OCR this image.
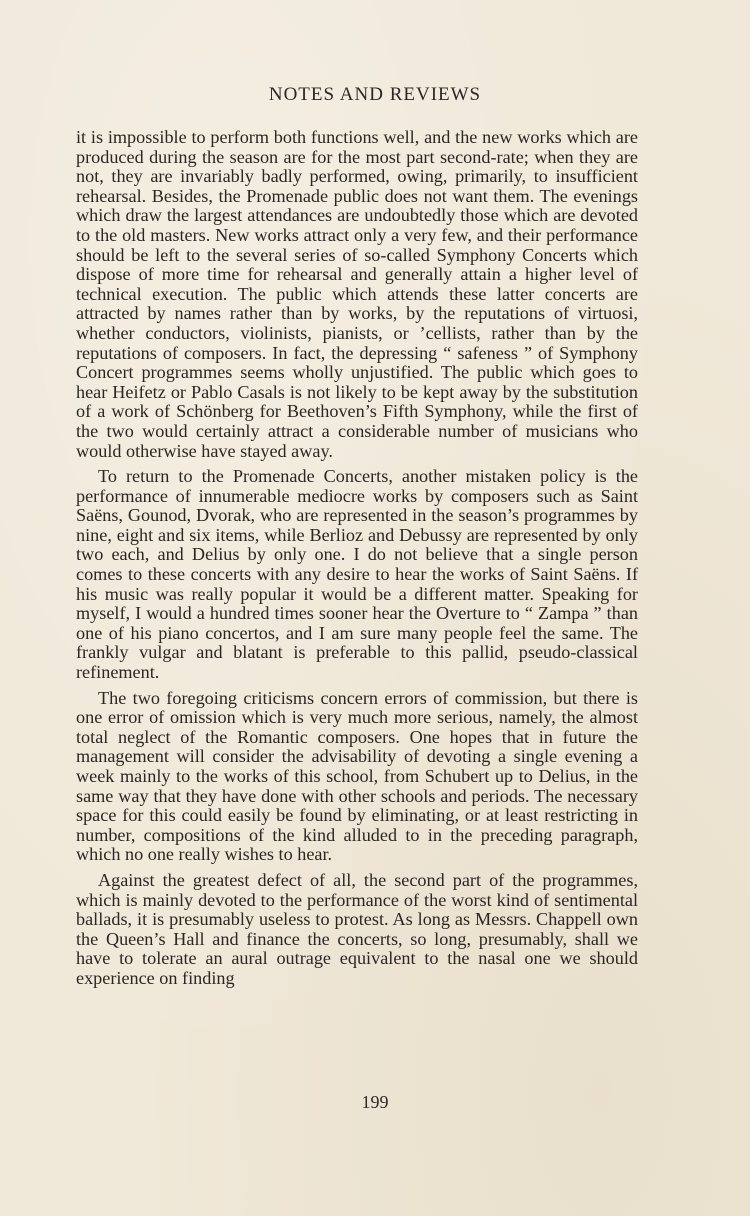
NOTES AND REVIEWS

it is impossible to perform both functions well, and the new works which are produced during the season are for the most part second-rate; when they are not, they are invariably badly performed, owing, primarily, to insufficient rehearsal. Besides, the Promenade public does not want them. The evenings which draw the largest attendances are undoubtedly those which are devoted to the old masters. New works attract only a very few, and their performance should be left to the several series of so-called Symphony Concerts which dispose of more time for rehearsal and generally attain a higher level of technical execution. The public which attends these latter concerts are attracted by names rather than by works, by the reputations of virtuosi, whether conductors, violinists, pianists, or ’cellists, rather than by the reputations of composers. In fact, the depressing “ safeness ” of Symphony Concert programmes seems wholly unjustified. The public which goes to hear Heifetz or Pablo Casals is not likely to be kept away by the substitution of a work of Schönberg for Beethoven’s Fifth Symphony, while the first of the two would certainly attract a considerable number of musicians who would otherwise have stayed away.

To return to the Promenade Concerts, another mistaken policy is the performance of innumerable mediocre works by composers such as Saint Saëns, Gounod, Dvorak, who are represented in the season’s programmes by nine, eight and six items, while Berlioz and Debussy are represented by only two each, and Delius by only one. I do not believe that a single person comes to these concerts with any desire to hear the works of Saint Saëns. If his music was really popular it would be a different matter. Speaking for myself, I would a hundred times sooner hear the Overture to “ Zampa ” than one of his piano concertos, and I am sure many people feel the same. The frankly vulgar and blatant is preferable to this pallid, pseudo-classical refinement.

The two foregoing criticisms concern errors of commission, but there is one error of omission which is very much more serious, namely, the almost total neglect of the Romantic composers. One hopes that in future the management will consider the advisability of devoting a single evening a week mainly to the works of this school, from Schubert up to Delius, in the same way that they have done with other schools and periods. The necessary space for this could easily be found by eliminating, or at least restricting in number, compositions of the kind alluded to in the preceding paragraph, which no one really wishes to hear.

Against the greatest defect of all, the second part of the programmes, which is mainly devoted to the performance of the worst kind of sentimental ballads, it is presumably useless to protest. As long as Messrs. Chappell own the Queen’s Hall and finance the concerts, so long, presumably, shall we have to tolerate an aural outrage equivalent to the nasal one we should experience on finding

199
